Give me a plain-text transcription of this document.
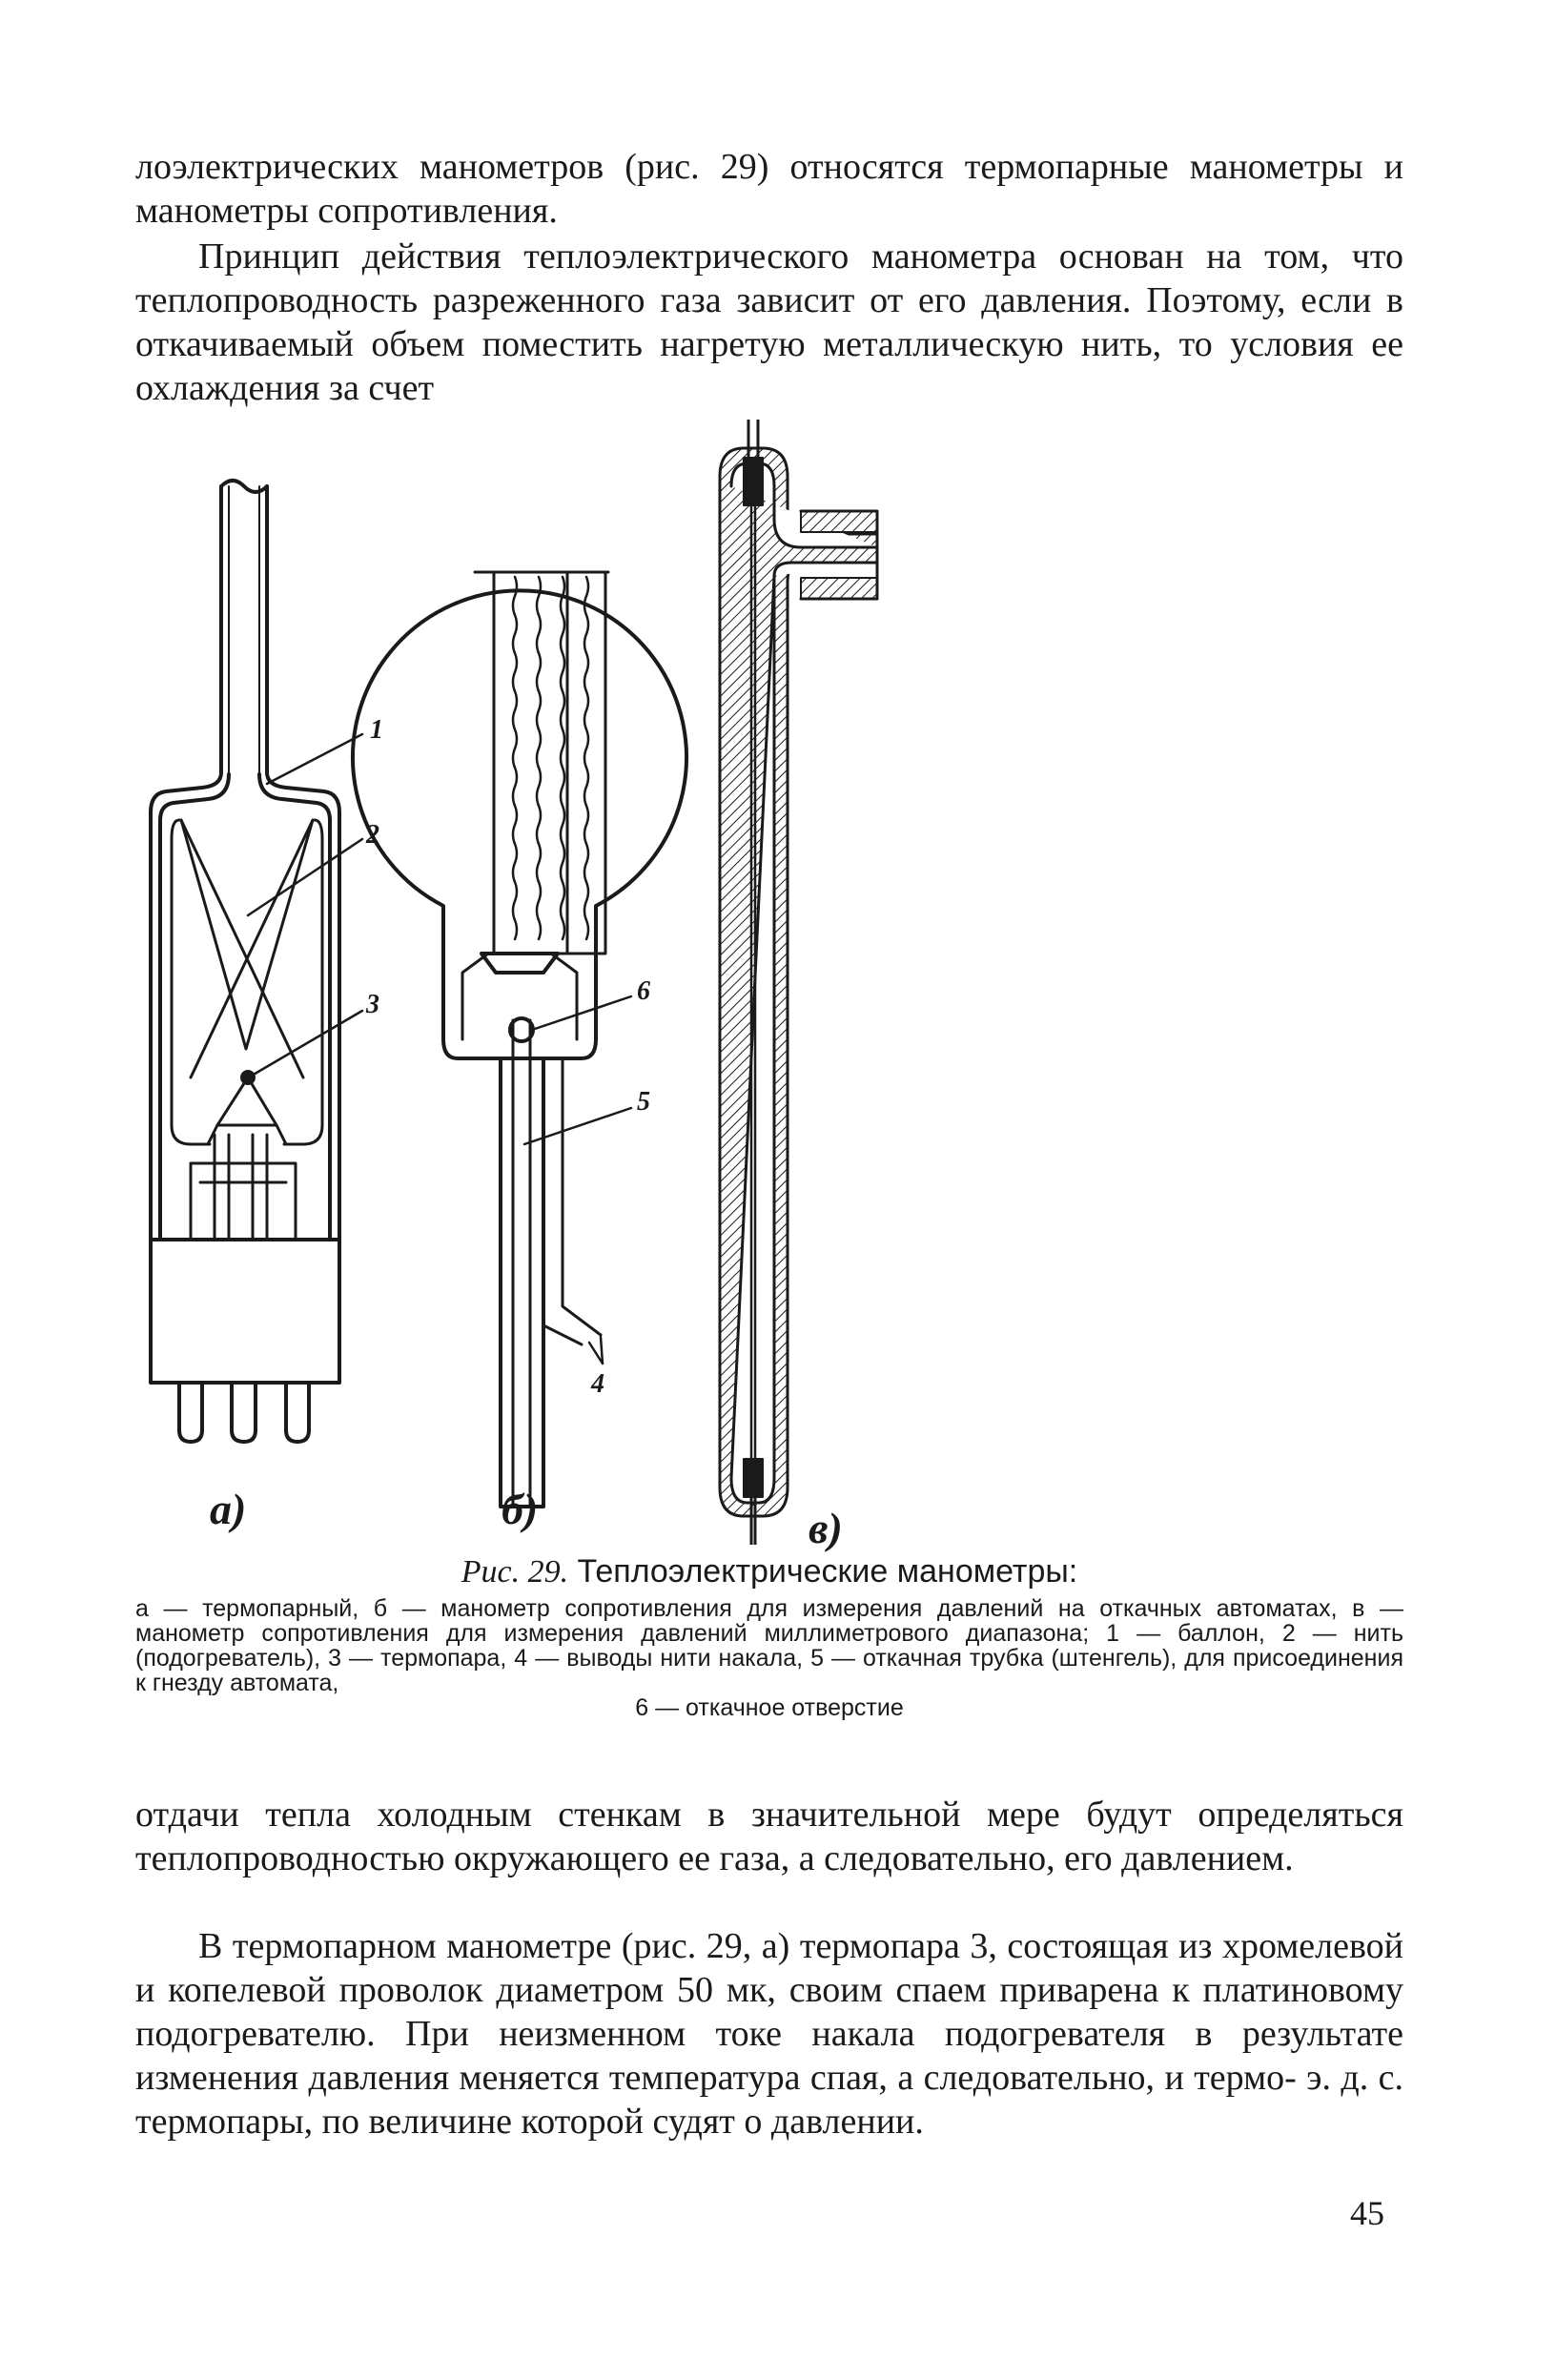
лоэлектрических манометров (рис. 29) относятся термопарные манометры и манометры сопротивления.

Принцип действия теплоэлектрического манометра основан на том, что теплопроводность разреженного газа зависит от его давления. Поэтому, если в откачиваемый объем поместить нагретую металлическую нить, то условия ее охлаждения за счет

1
2
3	6
5
4
а)	б)	в)
Рис. 29. Теплоэлектрические манометры:
а — термопарный, б — манометр сопротивления для измерения давлений на откачных автоматах, в — манометр сопротивления для измерения давлений миллиметрового диапазона; 1 — баллон, 2 — нить (подогреватель), 3 — термопара, 4 — выводы нити накала, 5 — откачная трубка (штенгель), для присоединения к гнезду автомата,
6 — откачное отверстие

отдачи тепла холодным стенкам в значительной мере будут определяться теплопроводностью окружающего ее газа, а следовательно, его давлением.

В термопарном манометре (рис. 29, а) термопара 3, состоящая из хромелевой и копелевой проволок диаметром 50 мк, своим спаем приварена к платиновому подогревателю. При неизменном токе накала подогревателя в результате изменения давления меняется температура спая, а следовательно, и термо- э. д. с. термопары, по величине которой судят о давлении.

45
